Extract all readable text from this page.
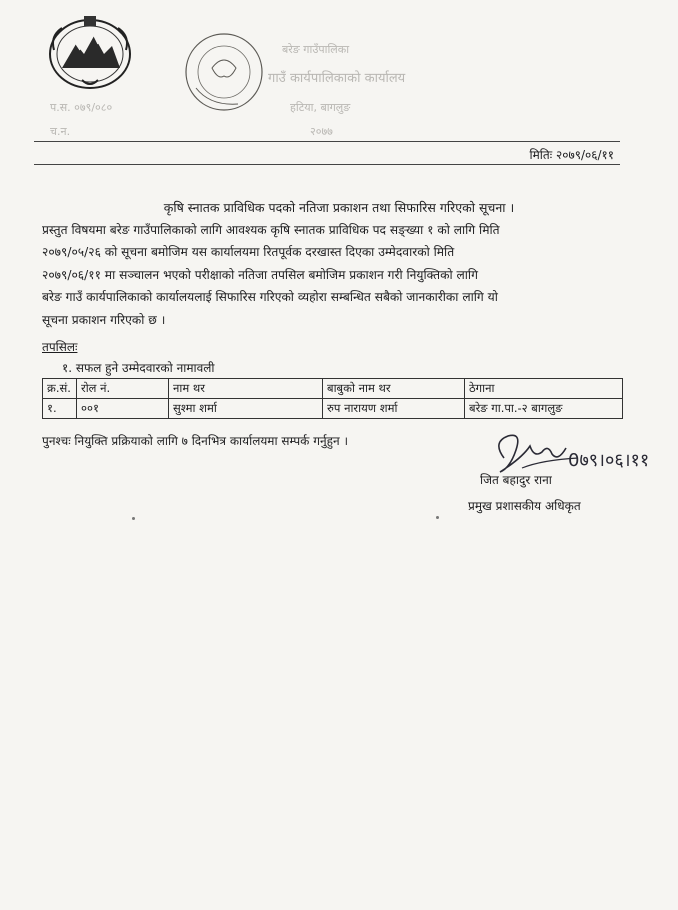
बरेङ गाउँपालिका
गाउँ कार्यपालिकाको कार्यालय
हटिया, बागलुङ
२०७७
प.स. ०७९/०८०
च.न.
मितिः २०७९/०६/११
कृषि स्नातक प्राविधिक पदको नतिजा प्रकाशन तथा सिफारिस गरिएको सूचना ।
प्रस्तुत विषयमा बरेङ गाउँपालिकाको लागि आवश्यक कृषि स्नातक प्राविधिक पद सङ्ख्या १ को लागि मिति
२०७९/०५/२६ को सूचना बमोजिम यस कार्यालयमा रितपूर्वक दरखास्त दिएका उम्मेदवारको मिति
२०७९/०६/११ मा सञ्चालन भएको परीक्षाको नतिजा तपसिल बमोजिम प्रकाशन गरी नियुक्तिको लागि
बरेङ गाउँ कार्यपालिकाको कार्यालयलाई सिफारिस गरिएको व्यहोरा सम्बन्धित सबैको जानकारीका लागि यो
सूचना प्रकाशन गरिएको छ ।
तपसिलः
१. सफल हुने उम्मेदवारको नामावली
क्र.सं.	रोल नं.	नाम थर	बाबुको नाम थर	ठेगाना
१.	००१	सुश्मा शर्मा	रुप नारायण शर्मा	बरेङ गा.पा.-२ बागलुङ
पुनश्चः नियुक्ति प्रक्रियाको लागि ७ दिनभित्र कार्यालयमा सम्पर्क गर्नुहुन ।
0७९।०६।११
जित बहादुर राना
प्रमुख प्रशासकीय अधिकृत
